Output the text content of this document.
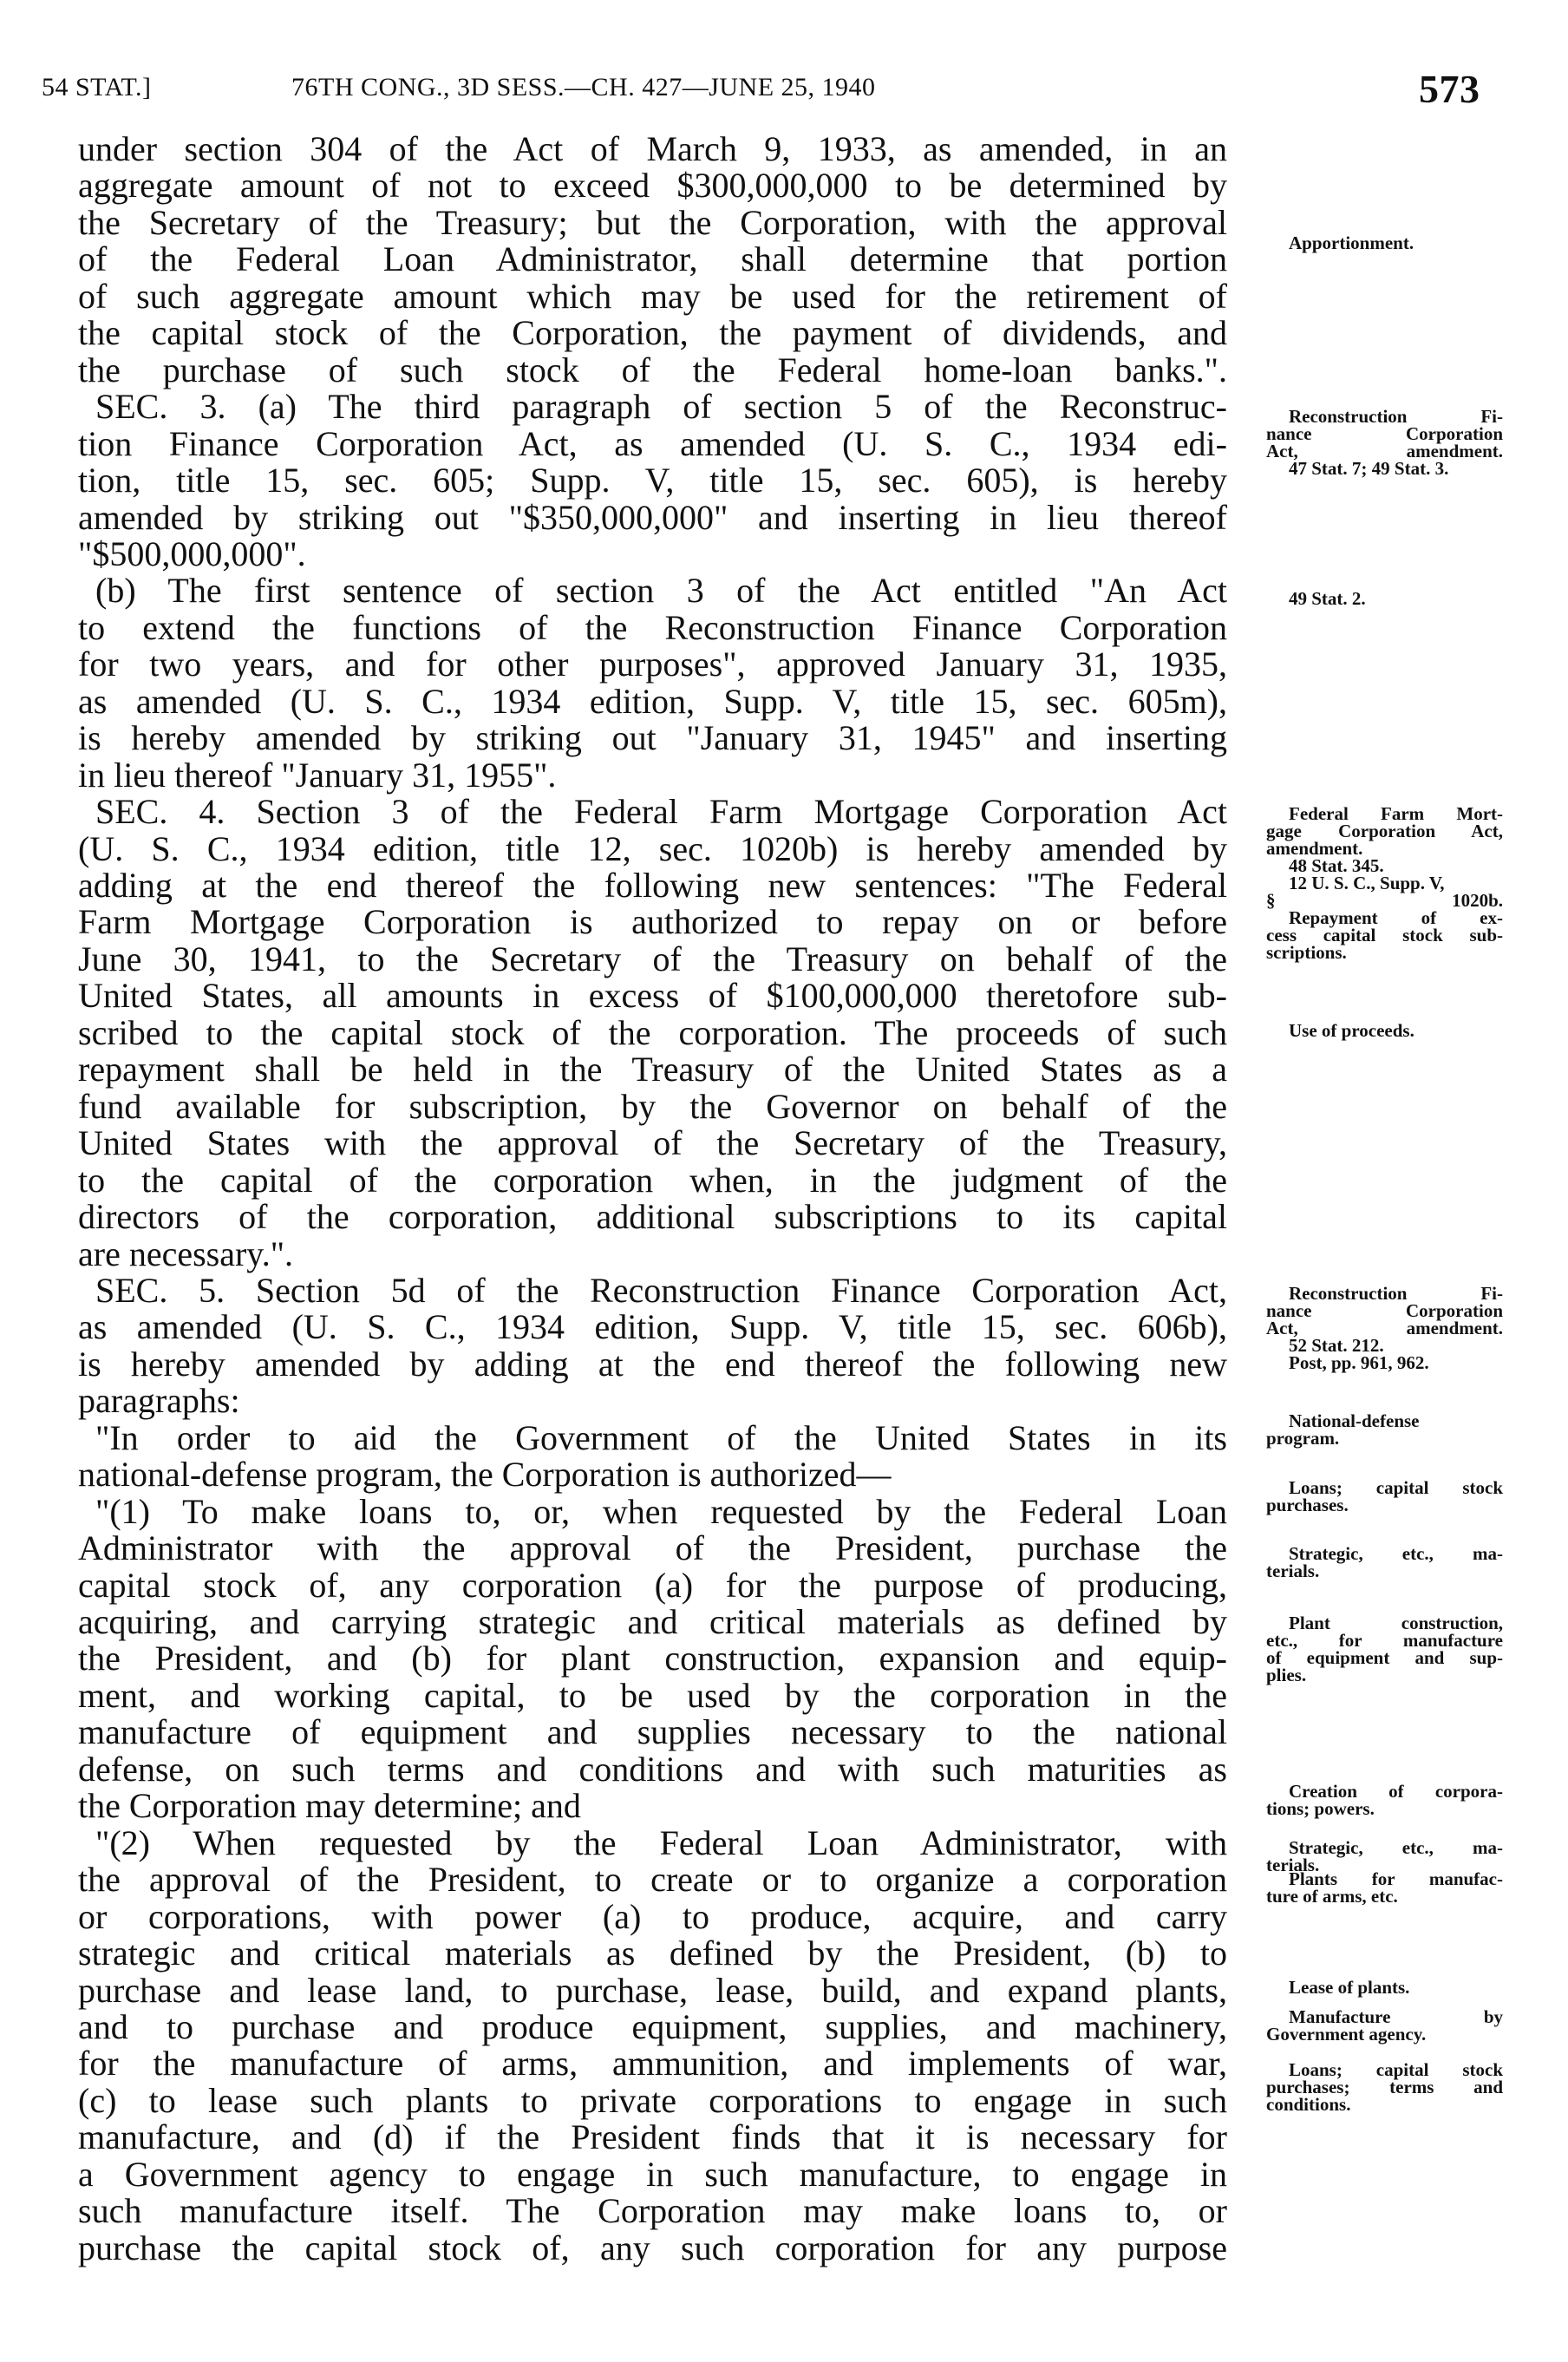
54 STAT.]	76TH CONG., 3D SESS.—CH. 427—JUNE 25, 1940	573
under section 304 of the Act of March 9, 1933, as amended, in an
aggregate amount of not to exceed $300,000,000 to be determined by
the Secretary of the Treasury; but the Corporation, with the approval
of the Federal Loan Administrator, shall determine that portion
of such aggregate amount which may be used for the retirement of
the capital stock of the Corporation, the payment of dividends, and
the purchase of such stock of the Federal home-loan banks.".
SEC. 3. (a) The third paragraph of section 5 of the Reconstruc-
tion Finance Corporation Act, as amended (U. S. C., 1934 edi-
tion, title 15, sec. 605; Supp. V, title 15, sec. 605), is hereby
amended by striking out "$350,000,000" and inserting in lieu thereof
"$500,000,000".
(b) The first sentence of section 3 of the Act entitled "An Act
to extend the functions of the Reconstruction Finance Corporation
for two years, and for other purposes", approved January 31, 1935,
as amended (U. S. C., 1934 edition, Supp. V, title 15, sec. 605m),
is hereby amended by striking out "January 31, 1945" and inserting
in lieu thereof "January 31, 1955".
SEC. 4. Section 3 of the Federal Farm Mortgage Corporation Act
(U. S. C., 1934 edition, title 12, sec. 1020b) is hereby amended by
adding at the end thereof the following new sentences: "The Federal
Farm Mortgage Corporation is authorized to repay on or before
June 30, 1941, to the Secretary of the Treasury on behalf of the
United States, all amounts in excess of $100,000,000 theretofore sub-
scribed to the capital stock of the corporation. The proceeds of such
repayment shall be held in the Treasury of the United States as a
fund available for subscription, by the Governor on behalf of the
United States with the approval of the Secretary of the Treasury,
to the capital of the corporation when, in the judgment of the
directors of the corporation, additional subscriptions to its capital
are necessary.".
SEC. 5. Section 5d of the Reconstruction Finance Corporation Act,
as amended (U. S. C., 1934 edition, Supp. V, title 15, sec. 606b),
is hereby amended by adding at the end thereof the following new
paragraphs:
"In order to aid the Government of the United States in its
national-defense program, the Corporation is authorized—
"(1) To make loans to, or, when requested by the Federal Loan
Administrator with the approval of the President, purchase the
capital stock of, any corporation (a) for the purpose of producing,
acquiring, and carrying strategic and critical materials as defined by
the President, and (b) for plant construction, expansion and equip-
ment, and working capital, to be used by the corporation in the
manufacture of equipment and supplies necessary to the national
defense, on such terms and conditions and with such maturities as
the Corporation may determine; and
"(2) When requested by the Federal Loan Administrator, with
the approval of the President, to create or to organize a corporation
or corporations, with power (a) to produce, acquire, and carry
strategic and critical materials as defined by the President, (b) to
purchase and lease land, to purchase, lease, build, and expand plants,
and to purchase and produce equipment, supplies, and machinery,
for the manufacture of arms, ammunition, and implements of war,
(c) to lease such plants to private corporations to engage in such
manufacture, and (d) if the President finds that it is necessary for
a Government agency to engage in such manufacture, to engage in
such manufacture itself. The Corporation may make loans to, or
purchase the capital stock of, any such corporation for any purpose
Apportionment.
Reconstruction Fi-
nance Corporation
Act, amendment.
47 Stat. 7; 49 Stat. 3.
49 Stat. 2.
Federal Farm Mort-
gage Corporation Act,
amendment.
48 Stat. 345.
12 U. S. C., Supp. V,
§ 1020b.
Repayment of ex-
cess capital stock sub-
scriptions.
Use of proceeds.
Reconstruction Fi-
nance Corporation
Act, amendment.
52 Stat. 212.
Post, pp. 961, 962.
National-defense
program.
Loans; capital stock
purchases.
Strategic, etc., ma-
terials.
Plant construction,
etc., for manufacture
of equipment and sup-
plies.
Creation of corpora-
tions; powers.
Strategic, etc., ma-
terials.
Plants for manufac-
ture of arms, etc.
Lease of plants.
Manufacture by
Government agency.
Loans; capital stock
purchases; terms and
conditions.
